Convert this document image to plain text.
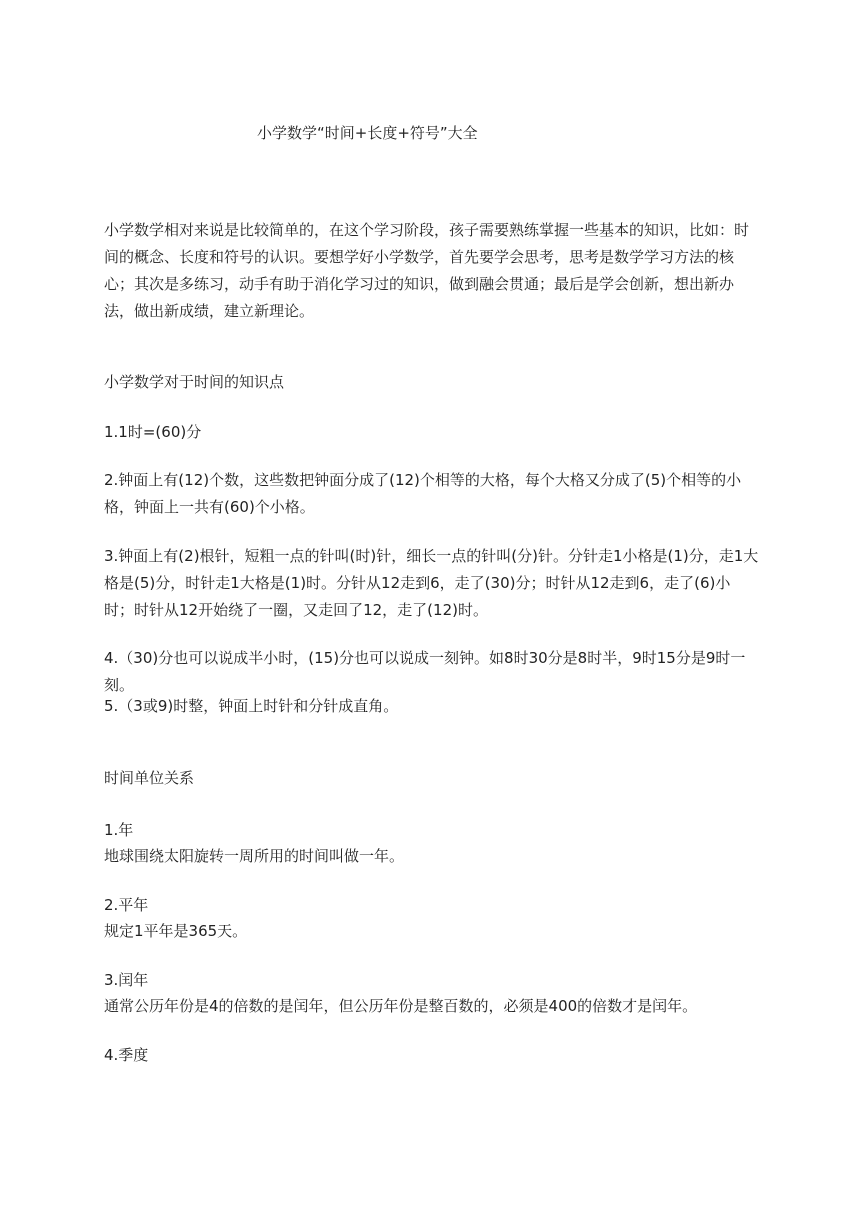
小学数学“时间+长度+符号”大全

小学数学相对来说是比较简单的，在这个学习阶段，孩子需要熟练掌握一些基本的知识，比如：时间的概念、长度和符号的认识。要想学好小学数学，首先要学会思考，思考是数学学习方法的核心；其次是多练习，动手有助于消化学习过的知识，做到融会贯通；最后是学会创新，想出新办法，做出新成绩，建立新理论。

小学数学对于时间的知识点

1.1时=(60)分

2.钟面上有(12)个数，这些数把钟面分成了(12)个相等的大格，每个大格又分成了(5)个相等的小格，钟面上一共有(60)个小格。

3.钟面上有(2)根针，短粗一点的针叫(时)针，细长一点的针叫(分)针。分针走1小格是(1)分，走1大格是(5)分，时针走1大格是(1)时。分针从12走到6，走了(30)分；时针从12走到6，走了(6)小时；时针从12开始绕了一圈，又走回了12，走了(12)时。

4.（30)分也可以说成半小时，(15)分也可以说成一刻钟。如8时30分是8时半，9时15分是9时一刻。

5.（3或9)时整，钟面上时针和分针成直角。

时间单位关系
1.年
地球围绕太阳旋转一周所用的时间叫做一年。
2.平年
规定1平年是365天。
3.闰年
通常公历年份是4的倍数的是闰年，但公历年份是整百数的，必须是400的倍数才是闰年。
4.季度
